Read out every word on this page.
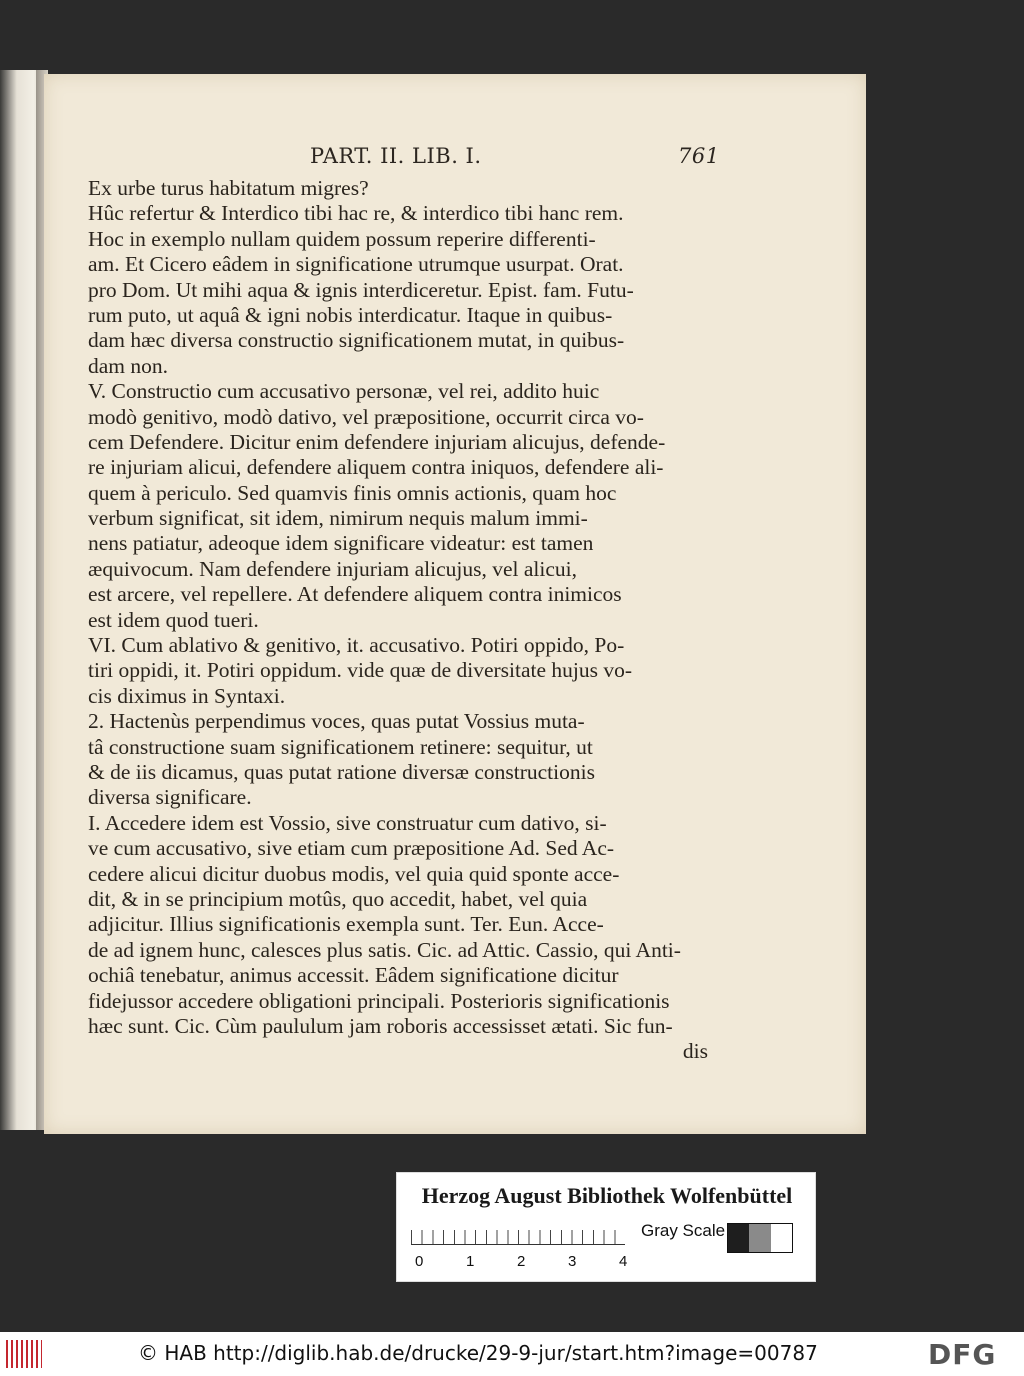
PART. II. LIB. I.	761
Ex urbe turus habitatum migres?
Hûc refertur & Interdico tibi hac re, & interdico tibi hanc rem.
Hoc in exemplo nullam quidem possum reperire differenti-
am. Et Cicero eâdem in significatione utrumque usurpat. Orat.
pro Dom. Ut mihi aqua & ignis interdiceretur. Epist. fam. Futu-
rum puto, ut aquâ & igni nobis interdicatur. Itaque in quibus-
dam hæc diversa constructio significationem mutat, in quibus-
dam non.
V. Constructio cum accusativo personæ, vel rei, addito huic
modò genitivo, modò dativo, vel præpositione, occurrit circa vo-
cem Defendere. Dicitur enim defendere injuriam alicujus, defende-
re injuriam alicui, defendere aliquem contra iniquos, defendere ali-
quem à periculo. Sed quamvis finis omnis actionis, quam hoc
verbum significat, sit idem, nimirum nequis malum immi-
nens patiatur, adeoque idem significare videatur: est tamen
æquivocum. Nam defendere injuriam alicujus, vel alicui,
est arcere, vel repellere. At defendere aliquem contra inimicos
est idem quod tueri.
VI. Cum ablativo & genitivo, it. accusativo. Potiri oppido, Po-
tiri oppidi, it. Potiri oppidum. vide quæ de diversitate hujus vo-
cis diximus in Syntaxi.
2. Hactenùs perpendimus voces, quas putat Vossius muta-
tâ constructione suam significationem retinere: sequitur, ut
& de iis dicamus, quas putat ratione diversæ constructionis
diversa significare.
I. Accedere idem est Vossio, sive construatur cum dativo, si-
ve cum accusativo, sive etiam cum præpositione Ad. Sed Ac-
cedere alicui dicitur duobus modis, vel quia quid sponte acce-
dit, & in se principium motûs, quo accedit, habet, vel quia
adjicitur. Illius significationis exempla sunt. Ter. Eun. Acce-
de ad ignem hunc, calesces plus satis. Cic. ad Attic. Cassio, qui Anti-
ochiâ tenebatur, animus accessit. Eâdem significatione dicitur
fidejussor accedere obligationi principali. Posterioris significationis
hæc sunt. Cic. Cùm paululum jam roboris accessisset ætati. Sic fun-
dis
Herzog August Bibliothek Wolfenbüttel
0	1	2	3	4
Gray Scale
© HAB http://diglib.hab.de/drucke/29-9-jur/start.htm?image=00787	DFG
